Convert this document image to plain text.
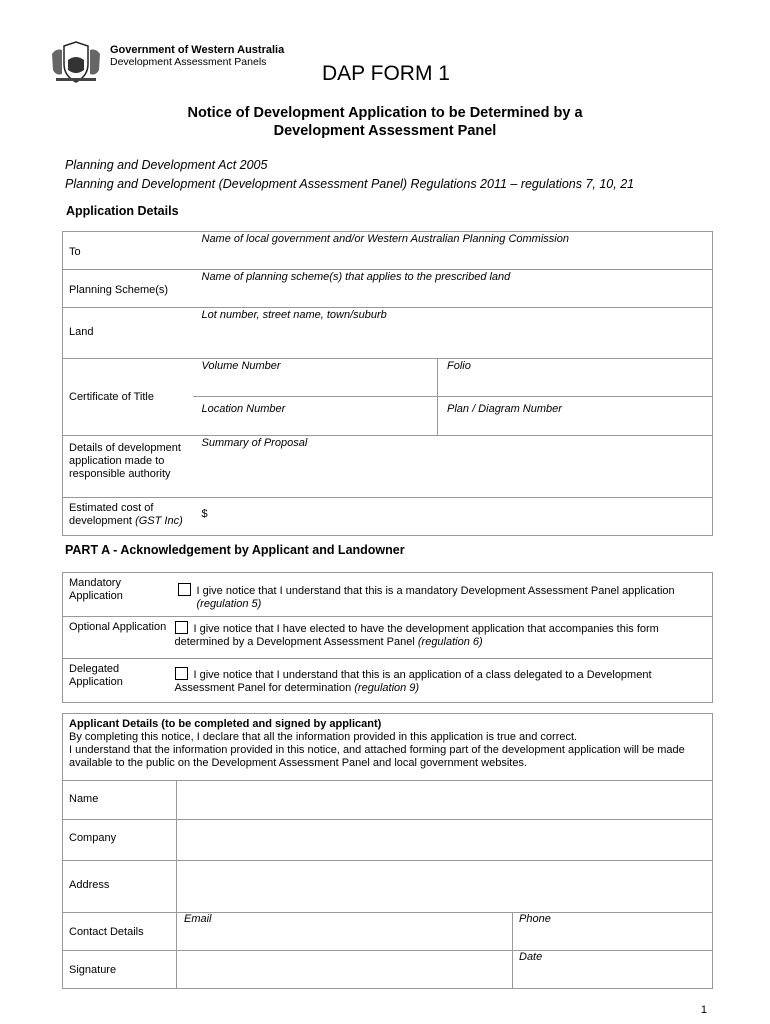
Government of Western Australia
Development Assessment Panels	DAP FORM 1
Notice of Development Application to be Determined by a
Development Assessment Panel
Planning and Development Act 2005
Planning and Development (Development Assessment Panel) Regulations 2011 – regulations 7, 10, 21
Application Details
To	Name of local government and/or Western Australian Planning Commission	

Planning Scheme(s)	Name of planning scheme(s) that applies to the prescribed land	

Land	Lot number, street name, town/suburb	

Certificate of Title	Volume Number	Folio

	Location Number	Plan / Diagram Number

Details of development application made to responsible authority	Summary of Proposal	

Estimated cost of development (GST Inc)	$	
PART A - Acknowledgement by Applicant and Landowner
Mandatory Application	I give notice that I understand that this is a mandatory Development Assessment Panel application
(regulation 5)

Optional Application	I give notice that I have elected to have the development application that accompanies this form determined by a Development Assessment Panel (regulation 6)

Delegated Application	I give notice that I understand that this is an application of a class delegated to a Development Assessment Panel for determination (regulation 9)
Applicant Details (to be completed and signed by applicant)
By completing this notice, I declare that all the information provided in this application is true and correct.
I understand that the information provided in this notice, and attached forming part of the development application will be made available to the public on the Development Assessment Panel and local government websites.		

Name		

Company		

Address		

Contact Details	Email	Phone

Signature		Date
1
